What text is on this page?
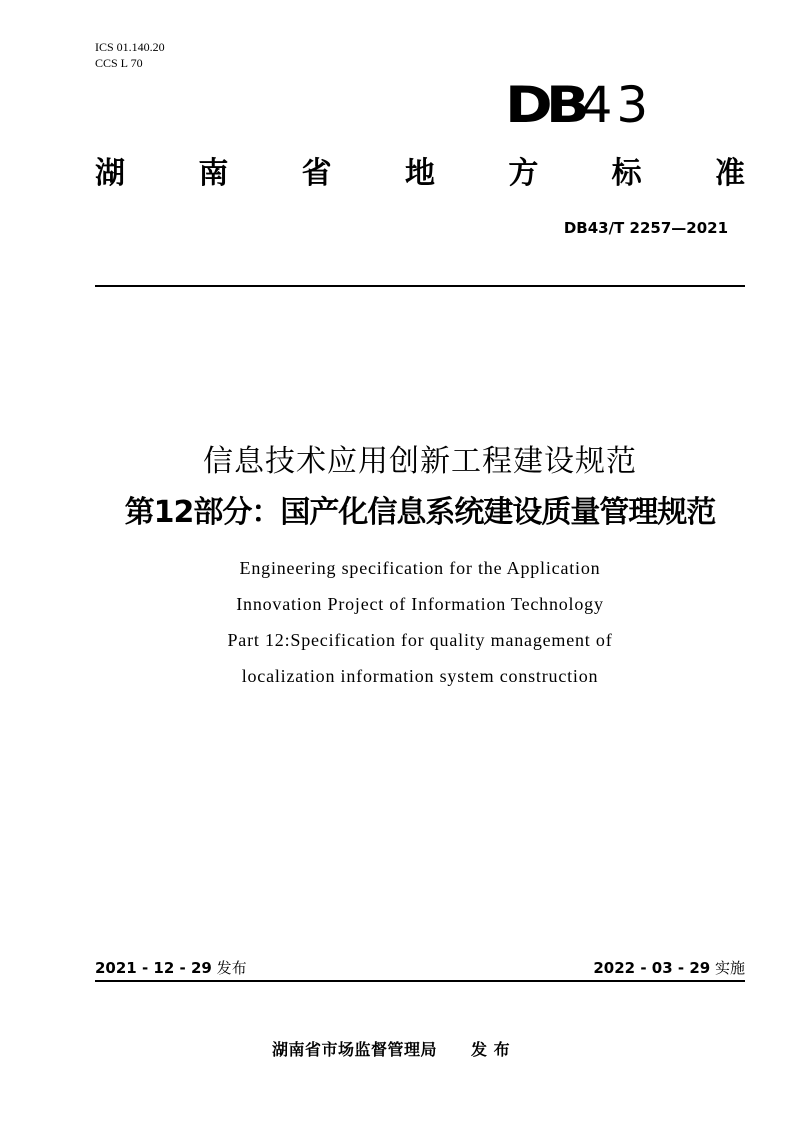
ICS 01.140.20
CCS L 70
DB
43
湖 南 省 地 方 标 准
DB43/T 2257—2021
信息技术应用创新工程建设规范
第12部分：国产化信息系统建设质量管理规范
Engineering specification for the Application
Innovation Project of Information Technology
Part 12:Specification for quality management of
localization information system construction
2021 - 12 - 29 发布	2022 - 03 - 29 实施
湖南省市场监督管理局 发 布
